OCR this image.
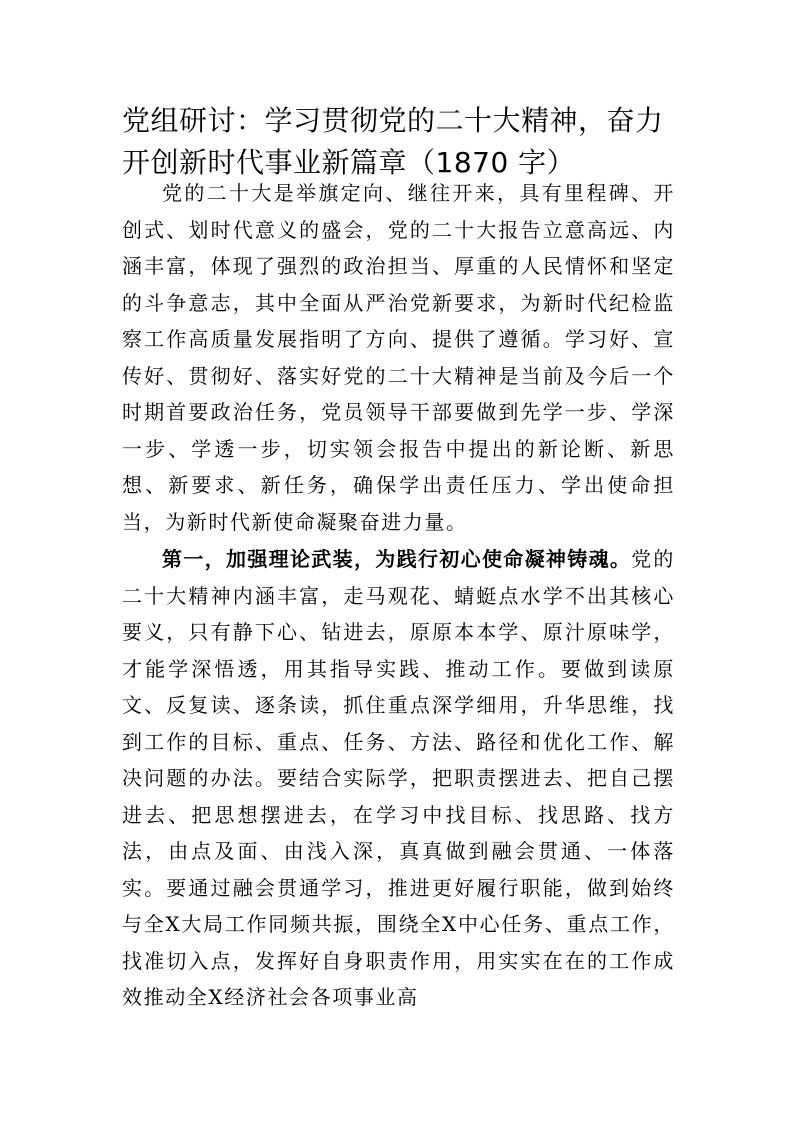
党组研讨：学习贯彻党的二十大精神，奋力开创新时代事业新篇章（1870 字）

党的二十大是举旗定向、继往开来，具有里程碑、开创式、划时代意义的盛会，党的二十大报告立意高远、内涵丰富，体现了强烈的政治担当、厚重的人民情怀和坚定的斗争意志，其中全面从严治党新要求，为新时代纪检监察工作高质量发展指明了方向、提供了遵循。学习好、宣传好、贯彻好、落实好党的二十大精神是当前及今后一个时期首要政治任务，党员领导干部要做到先学一步、学深一步、学透一步，切实领会报告中提出的新论断、新思想、新要求、新任务，确保学出责任压力、学出使命担当，为新时代新使命凝聚奋进力量。

第一，加强理论武装，为践行初心使命凝神铸魂。党的二十大精神内涵丰富，走马观花、蜻蜓点水学不出其核心要义，只有静下心、钻进去，原原本本学、原汁原味学，才能学深悟透，用其指导实践、推动工作。要做到读原文、反复读、逐条读，抓住重点深学细用，升华思维，找到工作的目标、重点、任务、方法、路径和优化工作、解决问题的办法。要结合实际学，把职责摆进去、把自己摆进去、把思想摆进去，在学习中找目标、找思路、找方法，由点及面、由浅入深，真真做到融会贯通、一体落实。要通过融会贯通学习，推进更好履行职能，做到始终与全X大局工作同频共振，围绕全X中心任务、重点工作，找准切入点，发挥好自身职责作用，用实实在在的工作成效推动全X经济社会各项事业高
